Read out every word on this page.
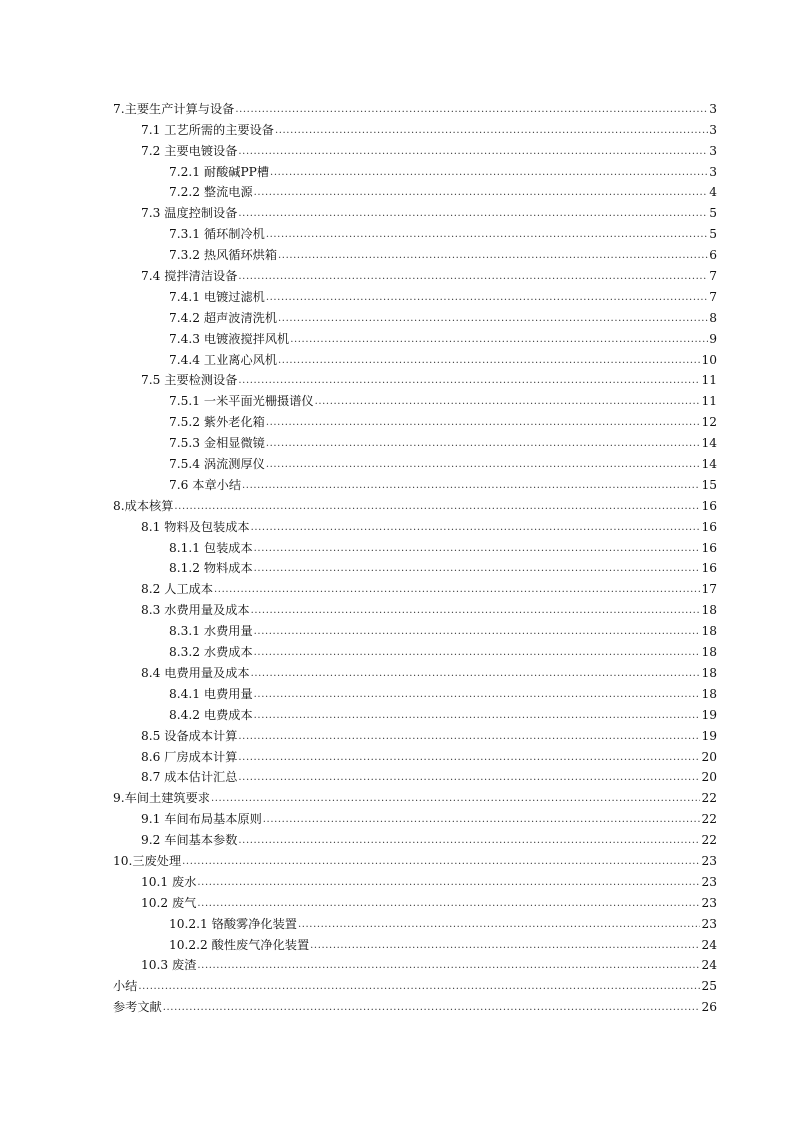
7.主要生产计算与设备 .....	3
7.1 工艺所需的主要设备 .....	3
7.2 主要电镀设备 .....	3
7.2.1 耐酸碱PP槽 .....	3
7.2.2 整流电源 .....	4
7.3 温度控制设备 .....	5
7.3.1 循环制冷机 .....	5
7.3.2 热风循环烘箱 .....	6
7.4 搅拌清洁设备 .....	7
7.4.1 电镀过滤机 .....	7
7.4.2 超声波清洗机 .....	8
7.4.3 电镀液搅拌风机 .....	9
7.4.4 工业离心风机 .....	10
7.5 主要检测设备 .....	11
7.5.1 一米平面光栅摄谱仪 .....	11
7.5.2 紫外老化箱 .....	12
7.5.3 金相显微镜 .....	14
7.5.4 涡流测厚仪 .....	14
7.6 本章小结 .....	15
8.成本核算 .....	16
8.1 物料及包装成本 .....	16
8.1.1 包装成本 .....	16
8.1.2 物料成本 .....	16
8.2 人工成本 .....	17
8.3 水费用量及成本 .....	18
8.3.1 水费用量 .....	18
8.3.2 水费成本 .....	18
8.4 电费用量及成本 .....	18
8.4.1 电费用量 .....	18
8.4.2 电费成本 .....	19
8.5 设备成本计算 .....	19
8.6 厂房成本计算 .....	20
8.7 成本估计汇总 .....	20
9.车间土建筑要求 .....	22
9.1 车间布局基本原则 .....	22
9.2 车间基本参数 .....	22
10.三废处理 .....	23
10.1 废水 .....	23
10.2 废气 .....	23
10.2.1 铬酸雾净化装置 .....	23
10.2.2 酸性废气净化装置 .....	24
10.3 废渣 .....	24
小结 .....	25
参考文献 .....	26
